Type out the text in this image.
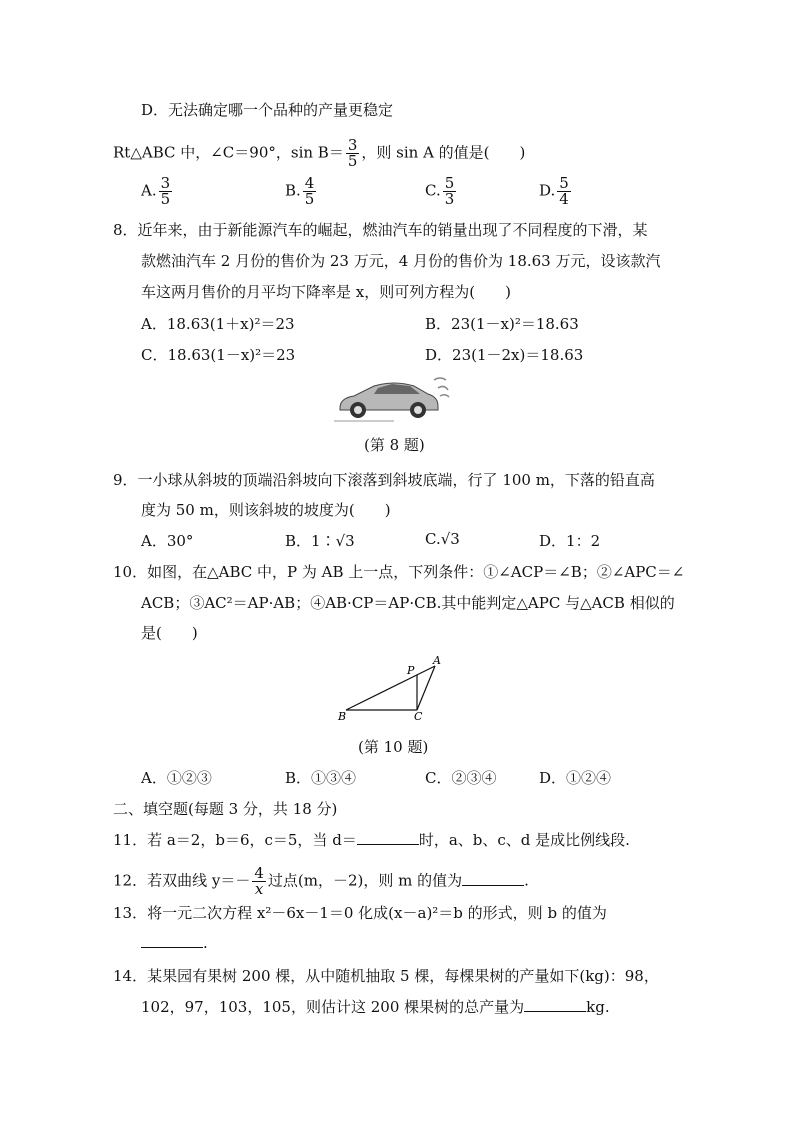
D．无法确定哪一个品种的产量更稳定
Rt△ABC 中，∠C＝90°，$\sin B= \frac{3}{5}$ ，则 sin A 的值是(　　)
A. $\frac{3}{5}$	B. $\frac{4}{5}$	C. $\frac{5}{3}$	D. $\frac{5}{4}$
8．近年来，由于新能源汽车的崛起，燃油汽车的销量出现了不同程度的下滑，某
款燃油汽车 2 月份的售价为 23 万元，4 月份的售价为 18.63 万元，设该款汽
车这两月售价的月平均下降率是 x，则可列方程为(　　)
A．18.63(1＋x)²＝23	B．23(1－x)²＝18.63
C．18.63(1－x)²＝23	D．23(1－2x)＝18.63
(第 8 题)
9．一小球从斜坡的顶端沿斜坡向下滚落到斜坡底端，行了 100 m，下落的铅直高
度为 50 m，则该斜坡的坡度为(　　)
A．30°	B．1∶√3	C.√3	D．1：2
10．如图，在△ABC 中，P 为 AB 上一点，下列条件：①∠ACP＝∠B；②∠APC＝∠
ACB；③AC²＝AP·AB；④AB·CP＝AP·CB.其中能判定△APC 与△ACB 相似的
是(　　)
B	C
P
A
(第 10 题)
A．①②③	B．①③④	C．②③④	D．①②④
二、填空题(每题 3 分，共 18 分)
11．若 a＝2，b＝6，c＝5，当 d＝	时，a、b、c、d 是成比例线段.
12．若双曲线 $y=- \frac{4}{x}$ 过点(m，－2)，则 m 的值为	.
13．将一元二次方程 x²－6x－1＝0 化成(x－a)²＝b 的形式，则 b 的值为
.
14．某果园有果树 200 棵，从中随机抽取 5 棵，每棵果树的产量如下(kg)：98，
102，97，103，105，则估计这 200 棵果树的总产量为	kg.
